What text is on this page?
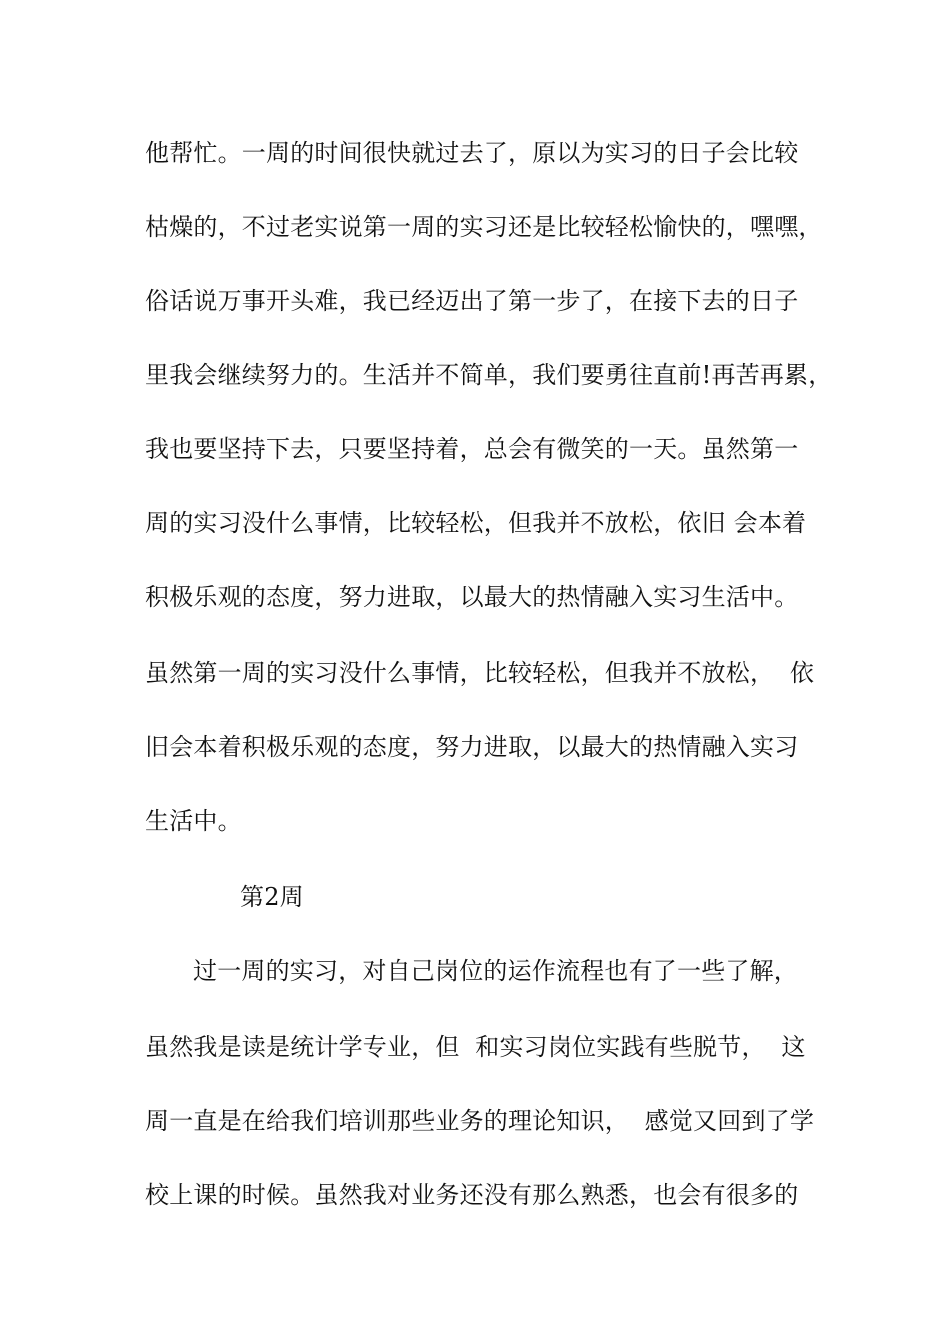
他帮忙。一周的时间很快就过去了，原以为实习的日子会比较
枯燥的，不过老实说第一周的实习还是比较轻松愉快的，嘿嘿，
俗话说万事开头难，我已经迈出了第一步了，在接下去的日子
里我会继续努力的。生活并不简单，我们要勇往直前!再苦再累，
我也要坚持下去，只要坚持着，总会有微笑的一天。虽然第一
周的实习没什么事情，比较轻松，但我并不放松，依旧 会本着
积极乐观的态度，努力进取，以最大的热情融入实习生活中。
虽然第一周的实习没什么事情，比较轻松，但我并不放松，  依
旧会本着积极乐观的态度，努力进取，以最大的热情融入实习
生活中。
第2周
过一周的实习，对自己岗位的运作流程也有了一些了解，
虽然我是读是统计学专业，但  和实习岗位实践有些脱节，  这
周一直是在给我们培训那些业务的理论知识，  感觉又回到了学
校上课的时候。虽然我对业务还没有那么熟悉，也会有很多的
